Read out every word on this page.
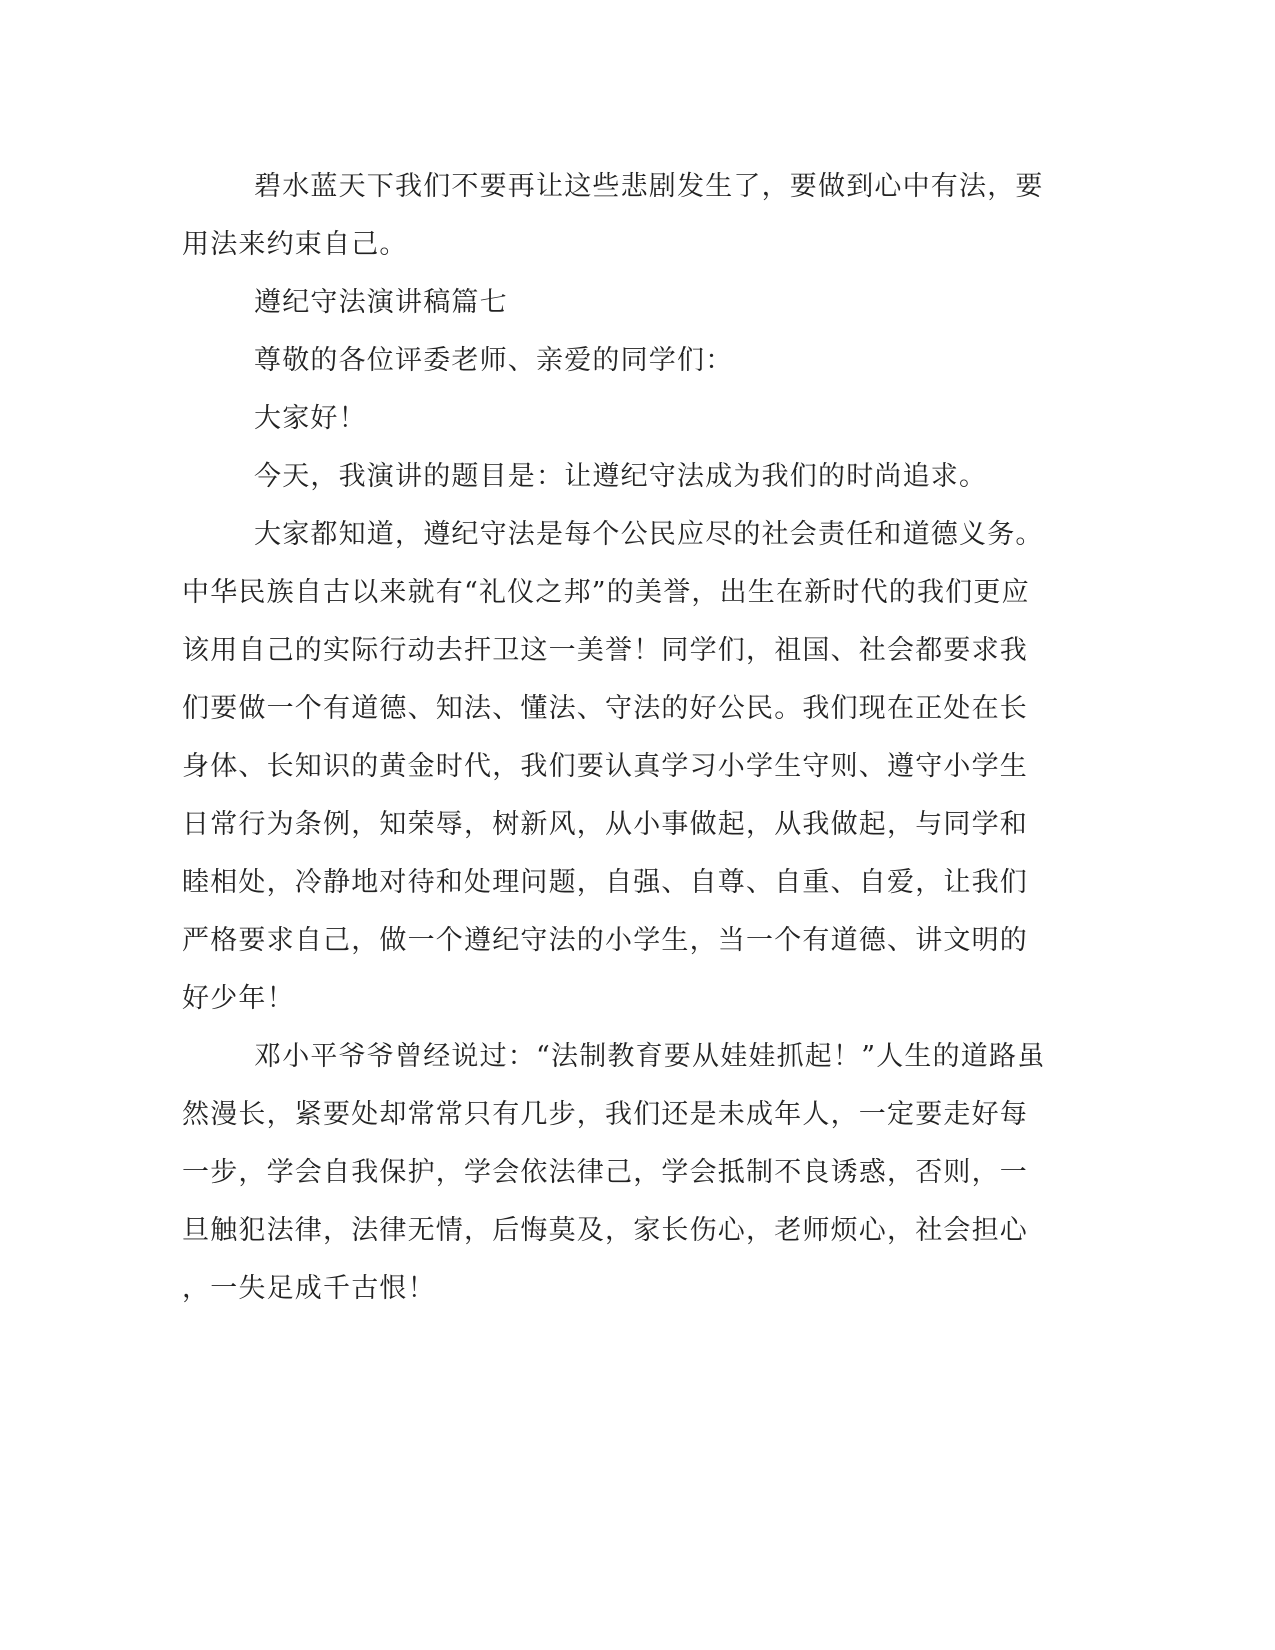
碧水蓝天下我们不要再让这些悲剧发生了，要做到心中有法，要
用法来约束自己。
遵纪守法演讲稿篇七
尊敬的各位评委老师、亲爱的同学们：
大家好！
今天，我演讲的题目是：让遵纪守法成为我们的时尚追求。
大家都知道，遵纪守法是每个公民应尽的社会责任和道德义务。
中华民族自古以来就有“礼仪之邦”的美誉，出生在新时代的我们更应
该用自己的实际行动去扞卫这一美誉！同学们，祖国、社会都要求我
们要做一个有道德、知法、懂法、守法的好公民。我们现在正处在长
身体、长知识的黄金时代，我们要认真学习小学生守则、遵守小学生
日常行为条例，知荣辱，树新风，从小事做起，从我做起，与同学和
睦相处，冷静地对待和处理问题，自强、自尊、自重、自爱，让我们
严格要求自己，做一个遵纪守法的小学生，当一个有道德、讲文明的
好少年！
邓小平爷爷曾经说过：“法制教育要从娃娃抓起！”人生的道路虽
然漫长，紧要处却常常只有几步，我们还是未成年人，一定要走好每
一步，学会自我保护，学会依法律己，学会抵制不良诱惑，否则，一
旦触犯法律，法律无情，后悔莫及，家长伤心，老师烦心，社会担心
，一失足成千古恨！
